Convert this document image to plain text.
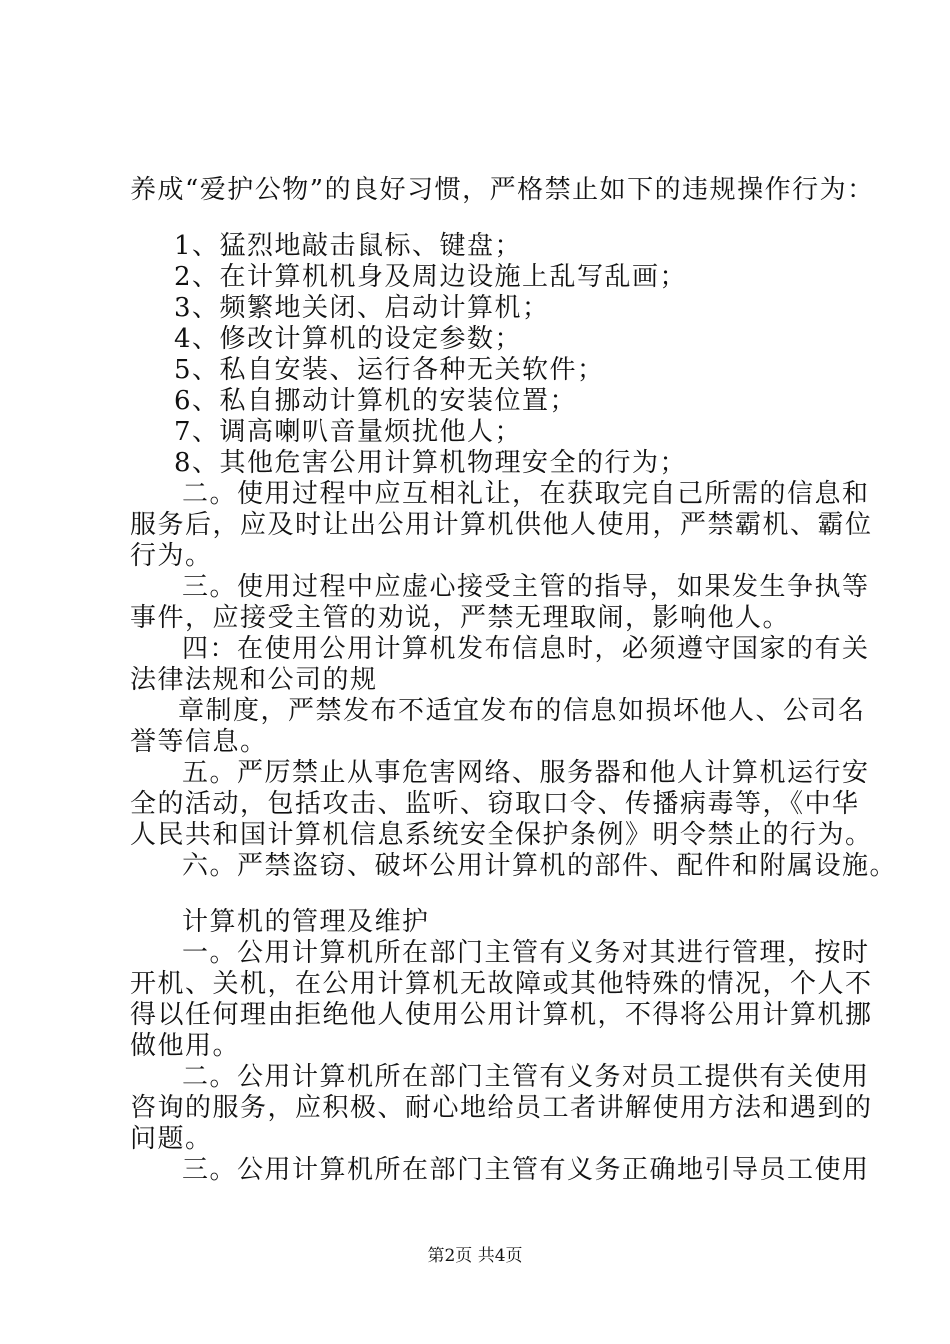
养成“爱护公物”的良好习惯，严格禁止如下的违规操作行为：
1、猛烈地敲击鼠标、键盘；
2、在计算机机身及周边设施上乱写乱画；
3、频繁地关闭、启动计算机；
4、修改计算机的设定参数；
5、私自安装、运行各种无关软件；
6、私自挪动计算机的安装位置；
7、调高喇叭音量烦扰他人；
8、其他危害公用计算机物理安全的行为；
二。使用过程中应互相礼让，在获取完自己所需的信息和
服务后，应及时让出公用计算机供他人使用，严禁霸机、霸位
行为。
三。使用过程中应虚心接受主管的指导，如果发生争执等
事件，应接受主管的劝说，严禁无理取闹，影响他人。
四：在使用公用计算机发布信息时，必须遵守国家的有关
法律法规和公司的规
章制度，严禁发布不适宜发布的信息如损坏他人、公司名
誉等信息。
五。严厉禁止从事危害网络、服务器和他人计算机运行安
全的活动，包括攻击、监听、窃取口令、传播病毒等，《中华
人民共和国计算机信息系统安全保护条例》明令禁止的行为。
六。严禁盗窃、破坏公用计算机的部件、配件和附属设施。
计算机的管理及维护
一。公用计算机所在部门主管有义务对其进行管理，按时
开机、关机，在公用计算机无故障或其他特殊的情况，个人不
得以任何理由拒绝他人使用公用计算机，不得将公用计算机挪
做他用。
二。公用计算机所在部门主管有义务对员工提供有关使用
咨询的服务，应积极、耐心地给员工者讲解使用方法和遇到的
问题。
三。公用计算机所在部门主管有义务正确地引导员工使用
第2页 共4页
